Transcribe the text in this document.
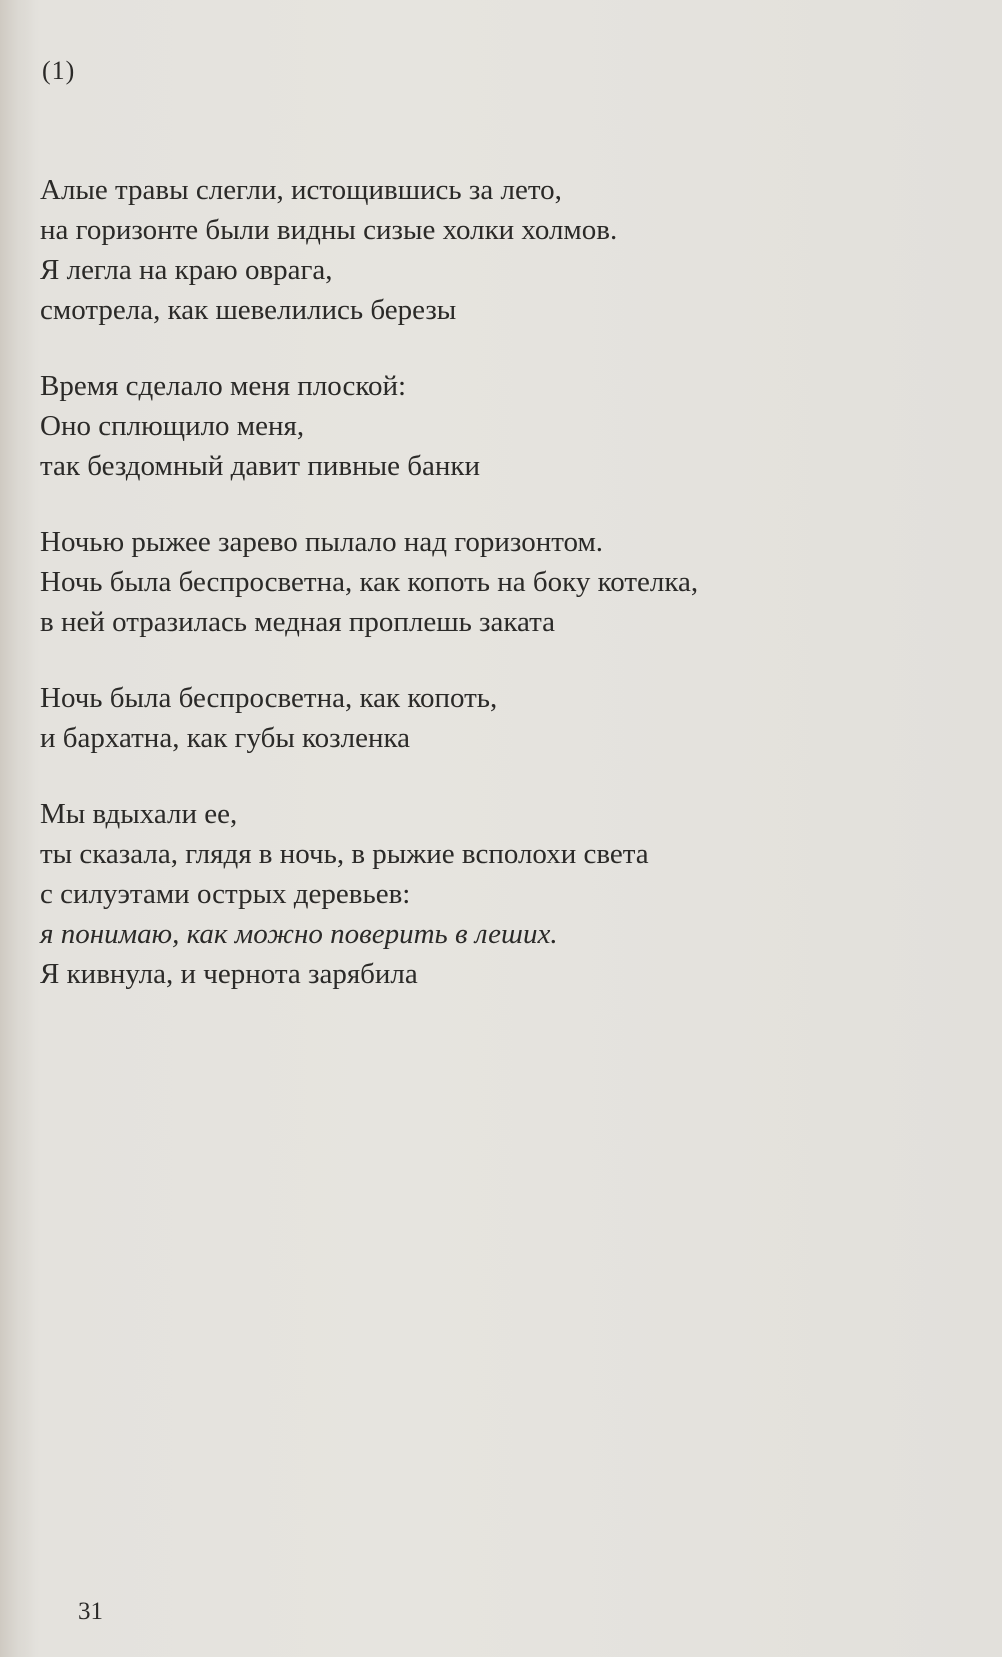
(1)
Алые травы слегли, истощившись за лето,
на горизонте были видны сизые холки холмов.
Я легла на краю оврага,
смотрела, как шевелились березы
Время сделало меня плоской:
Оно сплющило меня,
так бездомный давит пивные банки
Ночью рыжее зарево пылало над горизонтом.
Ночь была беспросветна, как копоть на боку котелка,
в ней отразилась медная проплешь заката
Ночь была беспросветна, как копоть,
и бархатна, как губы козленка
Мы вдыхали ее,
ты сказала, глядя в ночь, в рыжие всполохи света
с силуэтами острых деревьев:
я понимаю, как можно поверить в леших.
Я кивнула, и чернота зарябила
31
